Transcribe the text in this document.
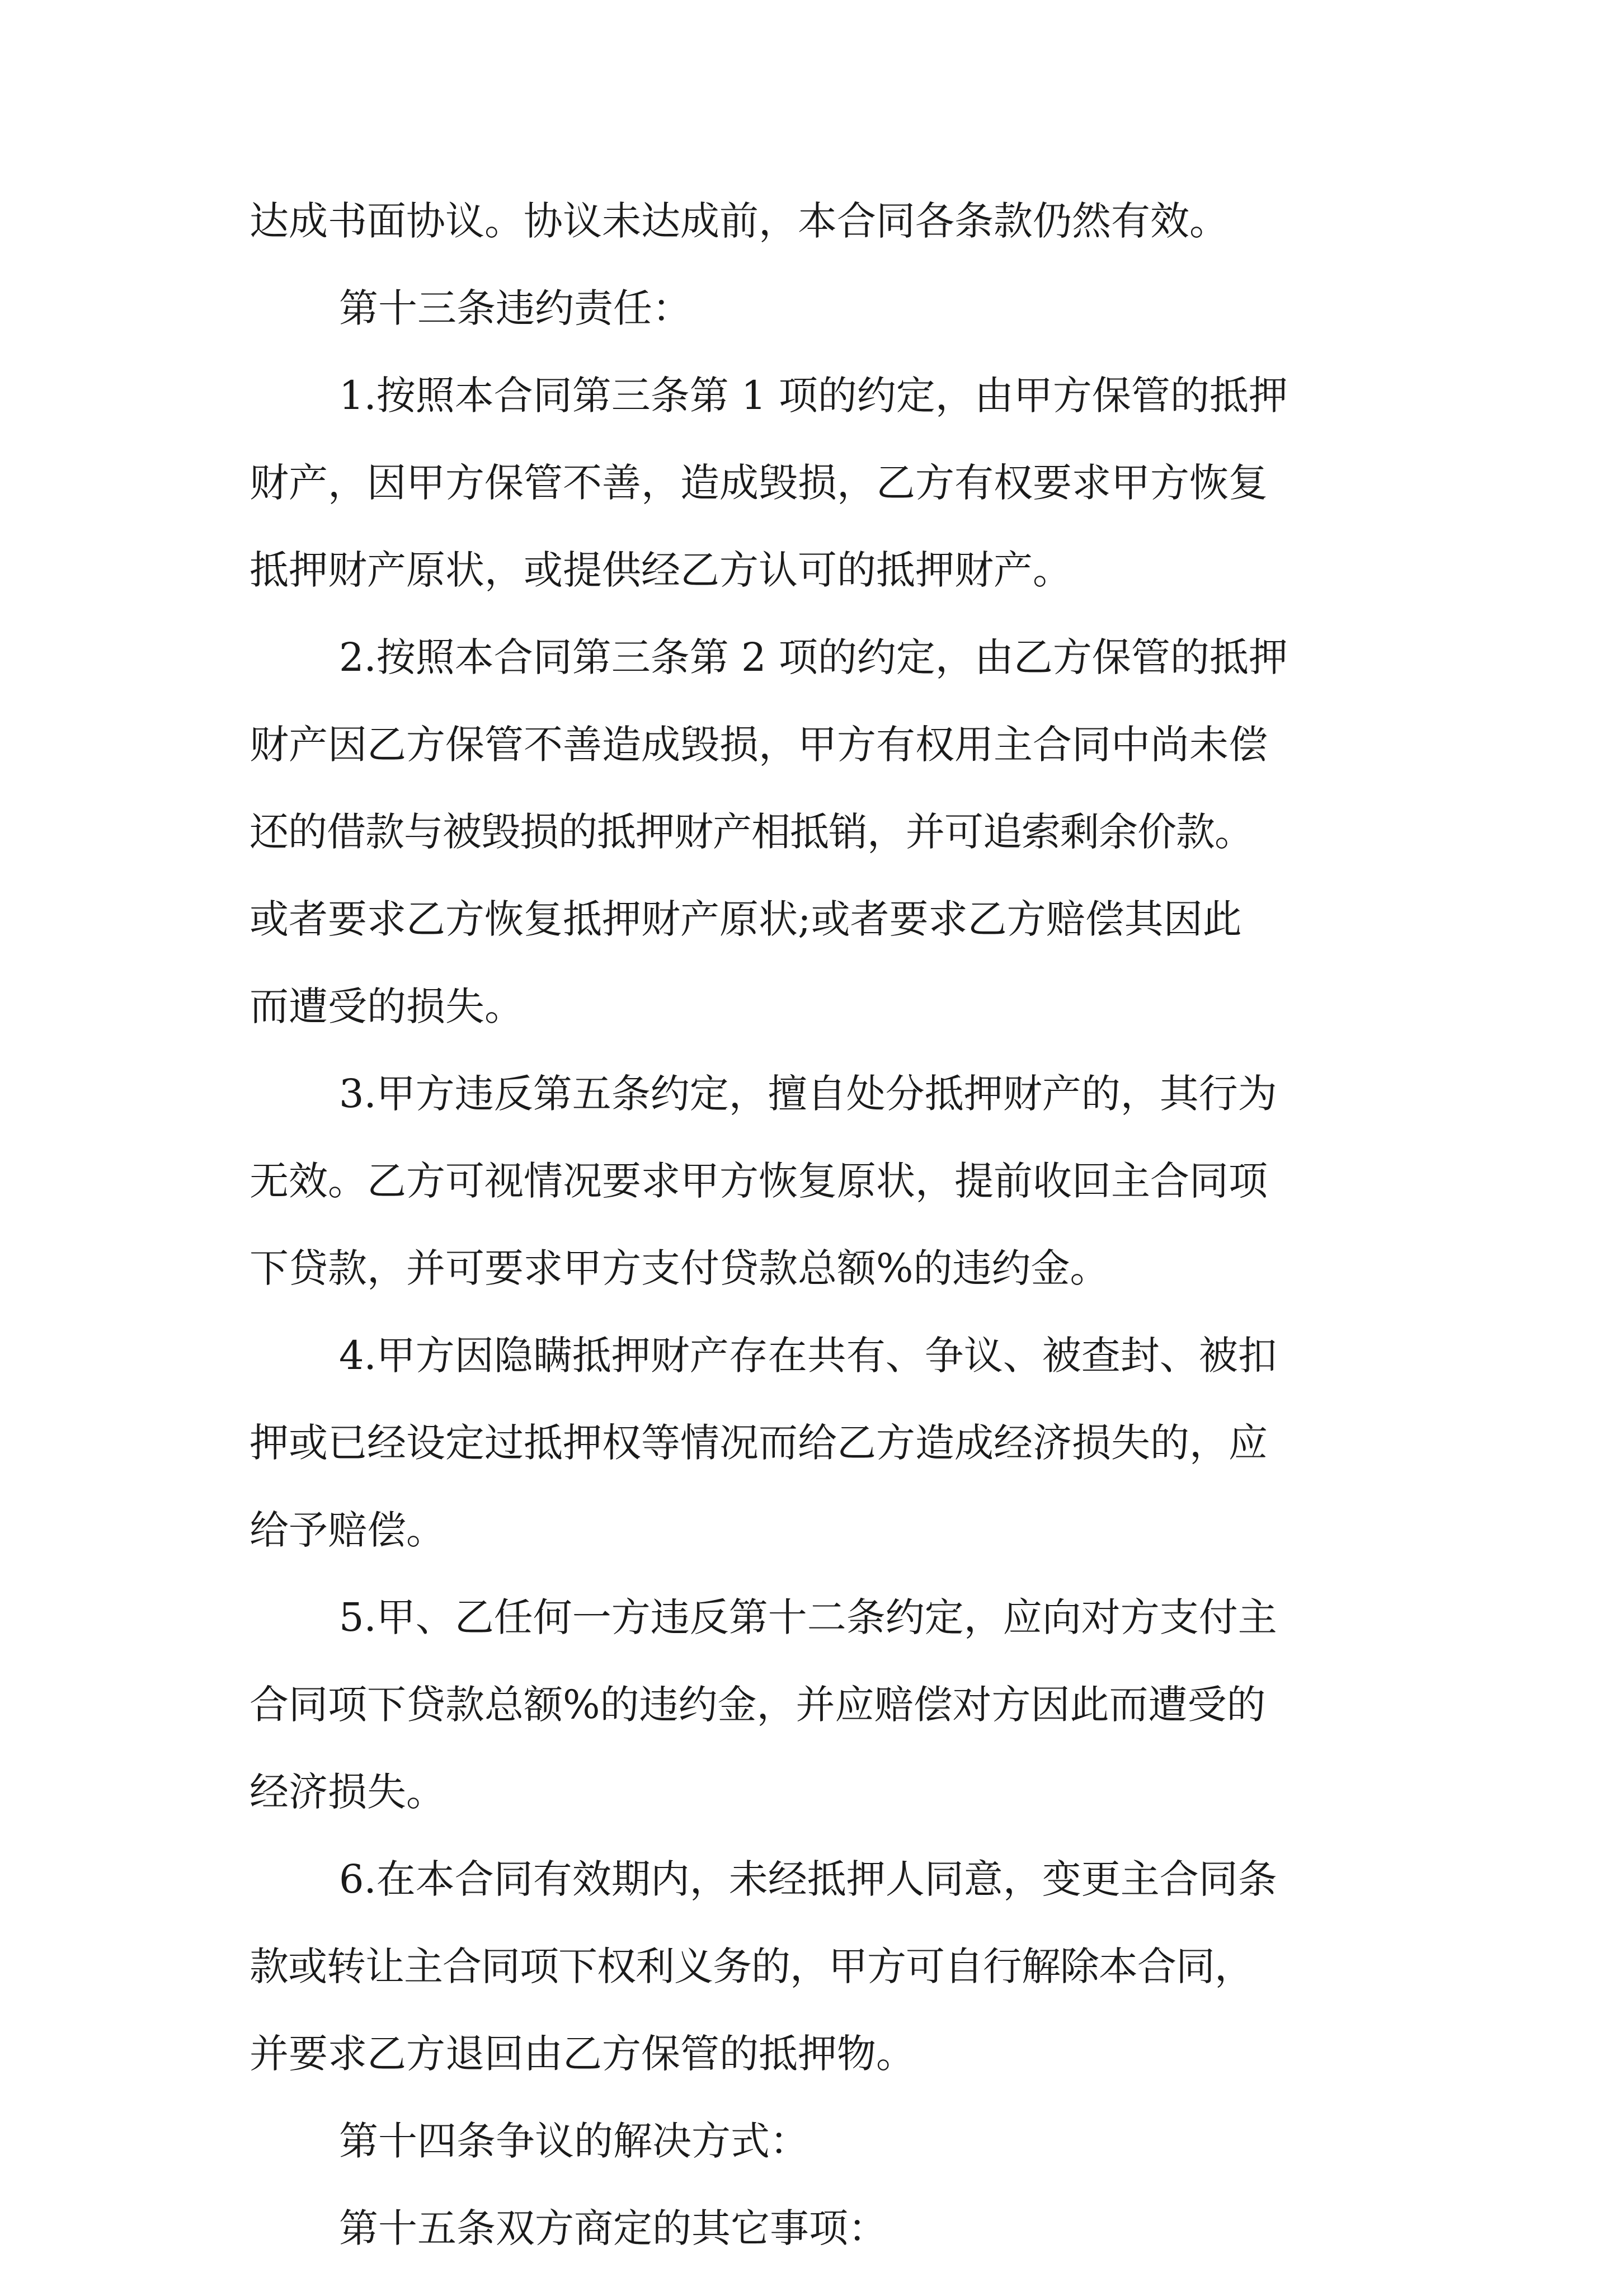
达成书面协议。协议未达成前，本合同各条款仍然有效。
第十三条违约责任：
1.按照本合同第三条第 1 项的约定，由甲方保管的抵押
财产，因甲方保管不善，造成毁损，乙方有权要求甲方恢复
抵押财产原状，或提供经乙方认可的抵押财产。
2.按照本合同第三条第 2 项的约定，由乙方保管的抵押
财产因乙方保管不善造成毁损，甲方有权用主合同中尚未偿
还的借款与被毁损的抵押财产相抵销，并可追索剩余价款。
或者要求乙方恢复抵押财产原状;或者要求乙方赔偿其因此
而遭受的损失。
3.甲方违反第五条约定，擅自处分抵押财产的，其行为
无效。乙方可视情况要求甲方恢复原状，提前收回主合同项
下贷款，并可要求甲方支付贷款总额%的违约金。
4.甲方因隐瞒抵押财产存在共有、争议、被查封、被扣
押或已经设定过抵押权等情况而给乙方造成经济损失的，应
给予赔偿。
5.甲、乙任何一方违反第十二条约定，应向对方支付主
合同项下贷款总额%的违约金，并应赔偿对方因此而遭受的
经济损失。
6.在本合同有效期内，未经抵押人同意，变更主合同条
款或转让主合同项下权利义务的，甲方可自行解除本合同，
并要求乙方退回由乙方保管的抵押物。
第十四条争议的解决方式：
第十五条双方商定的其它事项：
